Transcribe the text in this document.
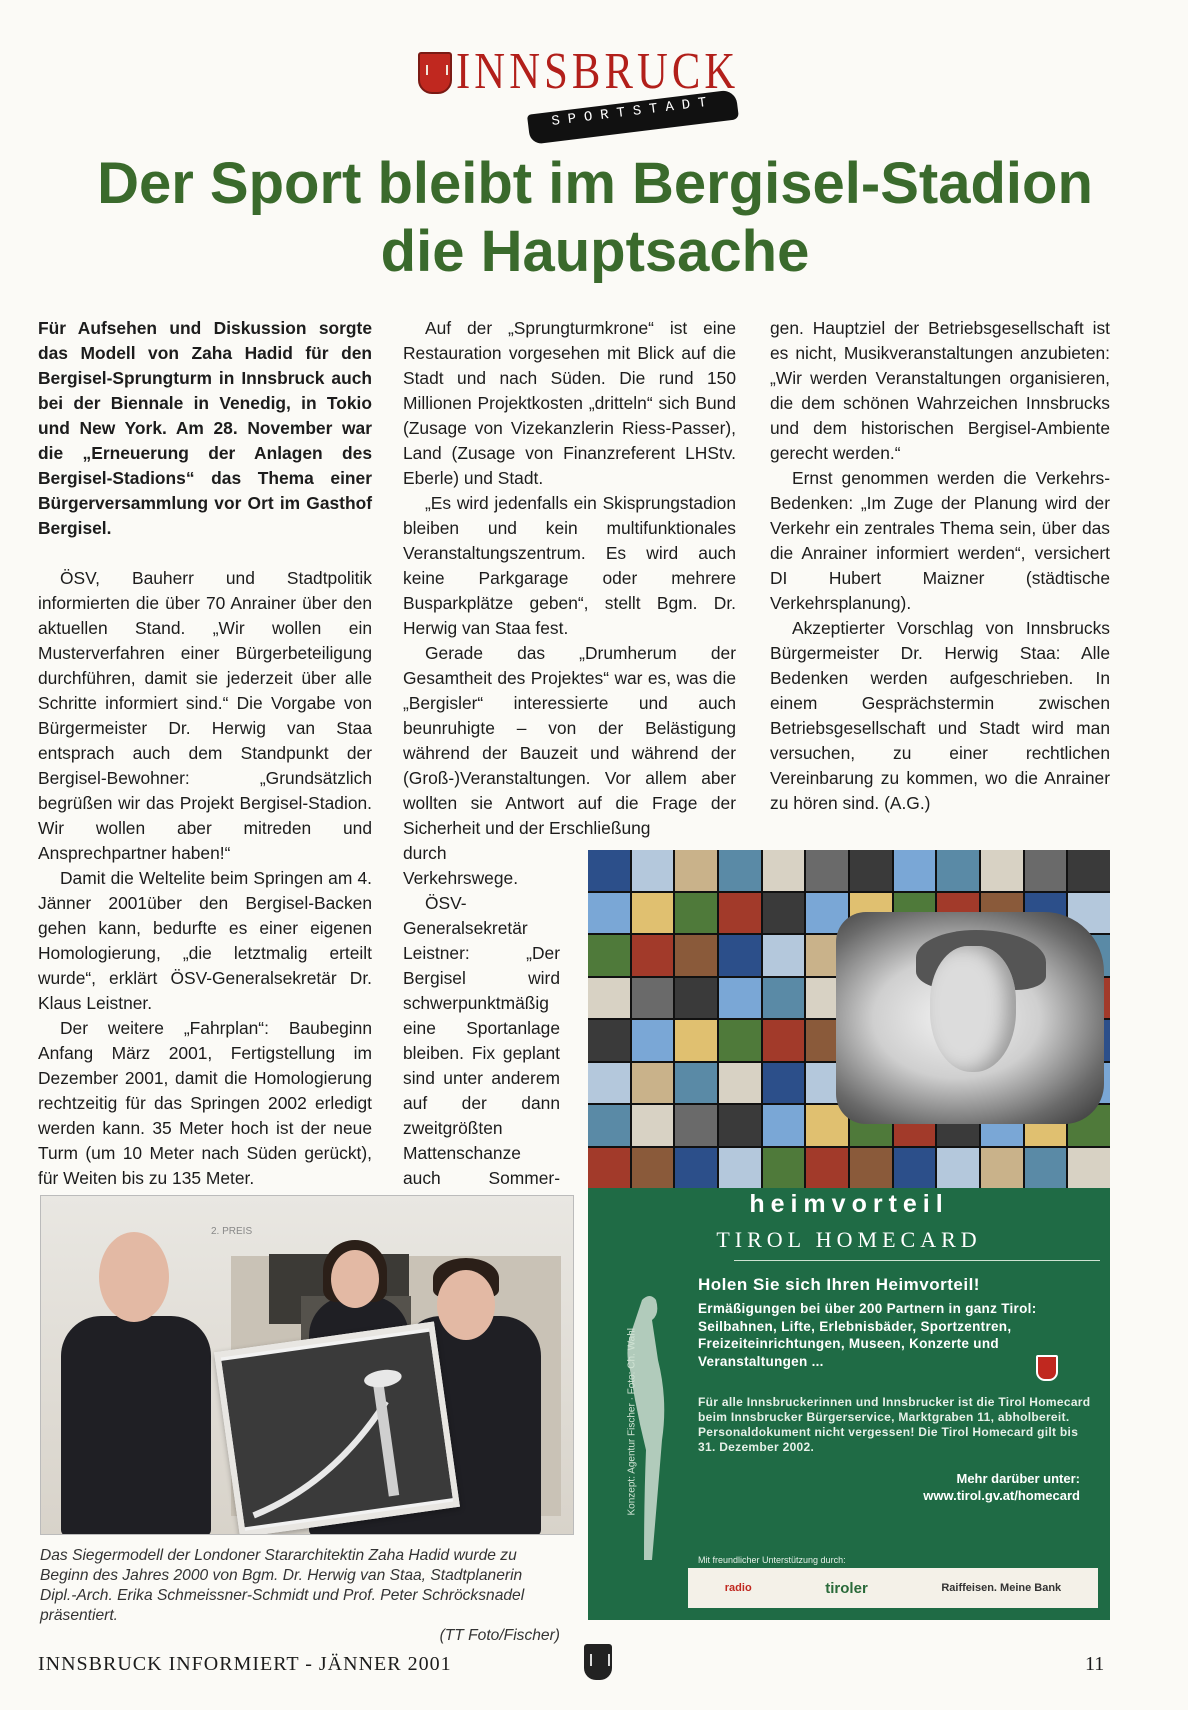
INNSBRUCK
SPORTSTADT
Der Sport bleibt im Bergisel-Stadion die Hauptsache

Für Aufsehen und Diskussion sorgte das Modell von Zaha Hadid für den Bergisel-Sprungturm in Innsbruck auch bei der Biennale in Venedig, in Tokio und New York. Am 28. November war die „Erneuerung der Anlagen des Bergisel-Stadions“ das Thema einer Bürgerversammlung vor Ort im Gasthof Bergisel.

ÖSV, Bauherr und Stadtpolitik informierten die über 70 Anrainer über den aktuellen Stand. „Wir wollen ein Musterverfahren einer Bürgerbeteiligung durchführen, damit sie jederzeit über alle Schritte informiert sind.“ Die Vorgabe von Bürgermeister Dr. Herwig van Staa entsprach auch dem Standpunkt der Bergisel-Bewohner: „Grundsätzlich begrüßen wir das Projekt Bergisel-Stadion. Wir wollen aber mitreden und Ansprechpartner haben!“

Damit die Weltelite beim Springen am 4. Jänner 2001über den Bergisel-Backen gehen kann, bedurfte es einer eigenen Homologierung, „die letztmalig erteilt wurde“, erklärt ÖSV-Generalsekretär Dr. Klaus Leistner.

Der weitere „Fahrplan“: Baubeginn Anfang März 2001, Fertigstellung im Dezember 2001, damit die Homologierung rechtzeitig für das Springen 2002 erledigt werden kann. 35 Meter hoch ist der neue Turm (um 10 Meter nach Süden gerückt), für Weiten bis zu 135 Meter.

Auf der „Sprungturmkrone“ ist eine Restauration vorgesehen mit Blick auf die Stadt und nach Süden. Die rund 150 Millionen Projektkosten „dritteln“ sich Bund (Zusage von Vizekanzlerin Riess-Passer), Land (Zusage von Finanzreferent LHStv. Eberle) und Stadt.

„Es wird jedenfalls ein Skisprungstadion bleiben und kein multifunktionales Veranstaltungszentrum. Es wird auch keine Parkgarage oder mehrere Busparkplätze geben“, stellt Bgm. Dr. Herwig van Staa fest.

Gerade das „Drumherum der Gesamtheit des Projektes“ war es, was die „Bergisler“ interessierte und auch beunruhigte – von der Belästigung während der Bauzeit und während der (Groß-)Veranstaltungen. Vor allem aber wollten sie Antwort auf die Frage der Sicherheit und der Erschließung

durch Verkehrswege.

ÖSV-Generalsekretär Leistner: „Der Bergisel wird schwerpunktmäßig eine Sportanlage bleiben. Fix geplant sind unter anderem auf der dann zweitgrößten Mattenschanze auch Sommer-

gen. Hauptziel der Betriebsgesellschaft ist es nicht, Musikveranstaltungen anzubieten: „Wir werden Veranstaltungen organisieren, die dem schönen Wahrzeichen Innsbrucks und dem historischen Bergisel-Ambiente gerecht werden.“

Ernst genommen werden die Verkehrs-Bedenken: „Im Zuge der Planung wird der Verkehr ein zentrales Thema sein, über das die Anrainer informiert werden“, versichert DI Hubert Maizner (städtische Verkehrsplanung).

Akzeptierter Vorschlag von Innsbrucks Bürgermeister Dr. Herwig Staa: Alle Bedenken werden aufgeschrieben. In einem Gesprächstermin zwischen Betriebsgesellschaft und Stadt wird man versuchen, zu einer rechtlichen Vereinbarung zu kommen, wo die Anrainer zu hören sind. (A.G.)

2. PREIS
Das Siegermodell der Londoner Stararchitektin Zaha Hadid wurde zu Beginn des Jahres 2000 von Bgm. Dr. Herwig van Staa, Stadtplanerin Dipl.-Arch. Erika Schmeissner-Schmidt und Prof. Peter Schröcksnadel präsentiert.
(TT Foto/Fischer)
heimvorteil
TIROL HOMECARD
Konzept: Agentur Fischer · Foto: Ch. Wahl
Holen Sie sich Ihren Heimvorteil!
Ermäßigungen bei über 200 Partnern in ganz Tirol: Seilbahnen, Lifte, Erlebnisbäder, Sportzentren, Freizeiteinrichtungen, Museen, Konzerte und Veranstaltungen ...
Für alle Innsbruckerinnen und Innsbrucker ist die Tirol Homecard beim Innsbrucker Bürgerservice, Marktgraben 11, abholbereit. Personaldokument nicht vergessen! Die Tirol Homecard gilt bis 31. Dezember 2002.
Mehr darüber unter:
www.tirol.gv.at/homecard
Mit freundlicher Unterstützung durch:
radio	tiroler	Raiffeisen. Meine Bank
INNSBRUCK INFORMIERT - JÄNNER 2001	11
